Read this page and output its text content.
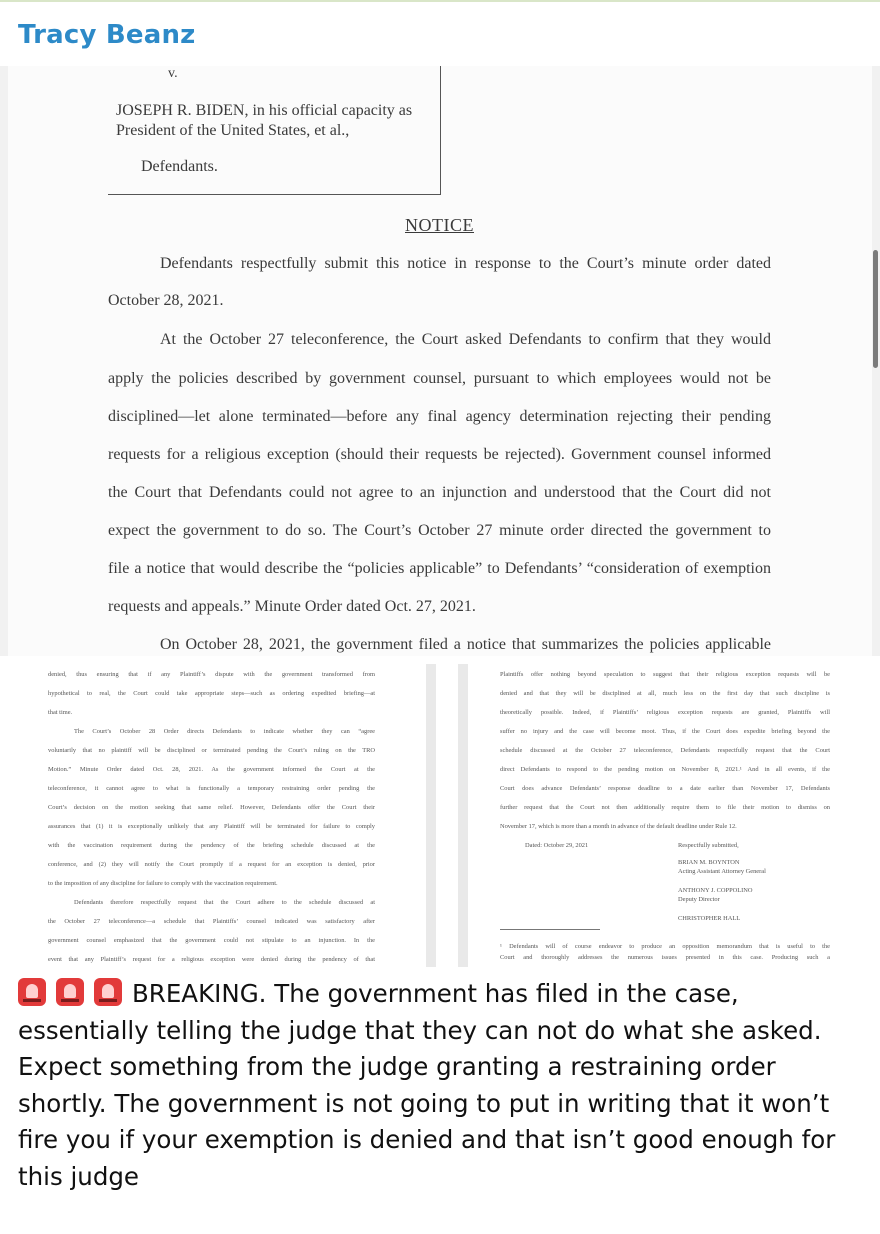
Tracy Beanz
v.
JOSEPH R. BIDEN, in his official capacity as
President of the United States, et al.,
Defendants.
NOTICE
Defendants respectfully submit this notice in response to the Court’s minute order dated
October 28, 2021.
At the October 27 teleconference, the Court asked Defendants to confirm that they would
apply the policies described by government counsel, pursuant to which employees would not be
disciplined—let alone terminated—before any final agency determination rejecting their pending
requests for a religious exception (should their requests be rejected). Government counsel informed
the Court that Defendants could not agree to an injunction and understood that the Court did not
expect the government to do so. The Court’s October 27 minute order directed the government to
file a notice that would describe the “policies applicable” to Defendants’ “consideration of exemption
requests and appeals.” Minute Order dated Oct. 27, 2021.
On October 28, 2021, the government filed a notice that summarizes the policies applicable
denied, thus ensuring that if any Plaintiff’s dispute with the government transformed from
hypothetical to real, the Court could take appropriate steps—such as ordering expedited briefing—at
that time.
The Court’s October 28 Order directs Defendants to indicate whether they can “agree
voluntarily that no plaintiff will be disciplined or terminated pending the Court’s ruling on the TRO
Motion.” Minute Order dated Oct. 28, 2021. As the government informed the Court at the
teleconference, it cannot agree to what is functionally a temporary restraining order pending the
Court’s decision on the motion seeking that same relief. However, Defendants offer the Court their
assurances that (1) it is exceptionally unlikely that any Plaintiff will be terminated for failure to comply
with the vaccination requirement during the pendency of the briefing schedule discussed at the
conference, and (2) they will notify the Court promptly if a request for an exception is denied, prior
to the imposition of any discipline for failure to comply with the vaccination requirement.
Defendants therefore respectfully request that the Court adhere to the schedule discussed at
the October 27 teleconference—a schedule that Plaintiffs’ counsel indicated was satisfactory after
government counsel emphasized that the government could not stipulate to an injunction. In the
event that any Plaintiff’s request for a religious exception were denied during the pendency of that
Plaintiffs offer nothing beyond speculation to suggest that their religious exception requests will be
denied and that they will be disciplined at all, much less on the first day that such discipline is
theoretically possible. Indeed, if Plaintiffs’ religious exception requests are granted, Plaintiffs will
suffer no injury and the case will become moot. Thus, if the Court does expedite briefing beyond the
schedule discussed at the October 27 teleconference, Defendants respectfully request that the Court
direct Defendants to respond to the pending motion on November 8, 2021.¹ And in all events, if the
Court does advance Defendants’ response deadline to a date earlier than November 17, Defendants
further request that the Court not then additionally require them to file their motion to dismiss on
November 17, which is more than a month in advance of the default deadline under Rule 12.
Dated: October 29, 2021	Respectfully submitted,
BRIAN M. BOYNTON
Acting Assistant Attorney General
ANTHONY J. COPPOLINO
Deputy Director
CHRISTOPHER HALL
¹ Defendants will of course endeavor to produce an opposition memorandum that is useful to the
Court and thoroughly addresses the numerous issues presented in this case. Producing such a
BREAKING. The government has filed in the case, essentially telling the judge that they can not do what she asked. Expect something from the judge granting a restraining order shortly. The government is not going to put in writing that it won’t fire you if your exemption is denied and that isn’t good enough for this judge
